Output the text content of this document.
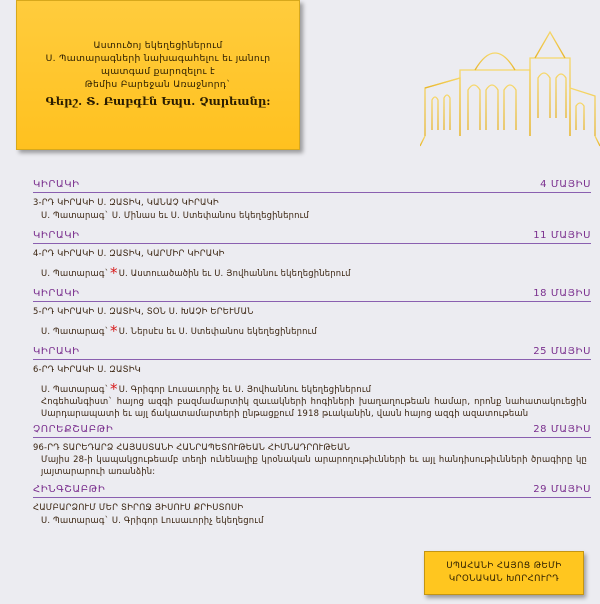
Աստուծոյ եկեղեցիներում
Ս. Պատարագների նախագահելու եւ յանուր
պատգամ քարոզելու է
Թեմիս Բարեջան Առաջնորդ`
Գերշ. Տ. Բաբգէն Եպս. Չարեանը:
ԿԻՐԱԿԻ	4 ՄԱՅԻՍ
3-ՐԴ ԿԻՐԱԿԻ Ս. ԶԱՏԻԿ, ԿԱՆԱՉ ԿԻՐԱԿԻ
Ս. Պատարագ` Ս. Մինաս եւ Ս. Ստեփանոս եկեղեցիներում
ԿԻՐԱԿԻ	11 ՄԱՅԻՍ
4-ՐԴ ԿԻՐԱԿԻ Ս. ԶԱՏԻԿ, ԿԱՐՄԻՐ ԿԻՐԱԿԻ
Ս. Պատարագ`*Ս. Աստուածածին եւ Ս. Յովհաննու եկեղեցիներում
ԿԻՐԱԿԻ	18 ՄԱՅԻՍ
5-ՐԴ ԿԻՐԱԿԻ Ս. ԶԱՏԻԿ, ՏՕՆ Ս. ԽԱՉԻ ԵՐԵՒՄԱՆ
Ս. Պատարագ`*Ս. Ներսէս եւ Ս. Ստեփանոս եկեղեցիներում
ԿԻՐԱԿԻ	25 ՄԱՅԻՍ
6-ՐԴ ԿԻՐԱԿԻ Ս. ԶԱՏԻԿ
Ս. Պատարագ`*Ս. Գրիգոր Լուսաւորիչ եւ Ս. Յովհաննու եկեղեցիներում
Հոգեհանգիստ` հայոց ազգի բազմամարտիկ զաւակների հոգիների խաղաղութեան համար, որոնք նահատակուեցին Սարդարապատի եւ այլ ճակատամարտերի ընթացքում 1918 թւականին, վասն հայոց ազգի ազատութեան
ՉՈՐԵՔՇԱԲԹԻ	28 ՄԱՅԻՍ
96-ՐԴ ՏԱՐԵԴԱՐՁ ՀԱՅԱՍՏԱՆԻ ՀԱՆՐԱՊԵՏՈՒԹԵԱՆ ՀԻՄՆԱԴՐՈՒԹԵԱՆ
Մայիս 28-ի կապակցութեամբ տեղի ունենալիք կրօնական արարողութիւնների եւ այլ հանդիսութիւնների ծրագիրը կը յայտարարուի առանձին:
ՀԻՆԳՇԱԲԹԻ	29 ՄԱՅԻՍ
ՀԱՄԲԱՐՁՈՒՄ ՄԵՐ ՏԻՐՈՋ ՅԻՍՈՒՍ ՔՐԻՍՏՈՍԻ
Ս. Պատարագ` Ս. Գրիգոր Լուսաւորիչ եկեղեցում
ՍՊԱՀԱՆԻ ՀԱՅՈՑ ԹԵՄԻ
ԿՐՕՆԱԿԱՆ ԽՈՐՀՈՒՐԴ
